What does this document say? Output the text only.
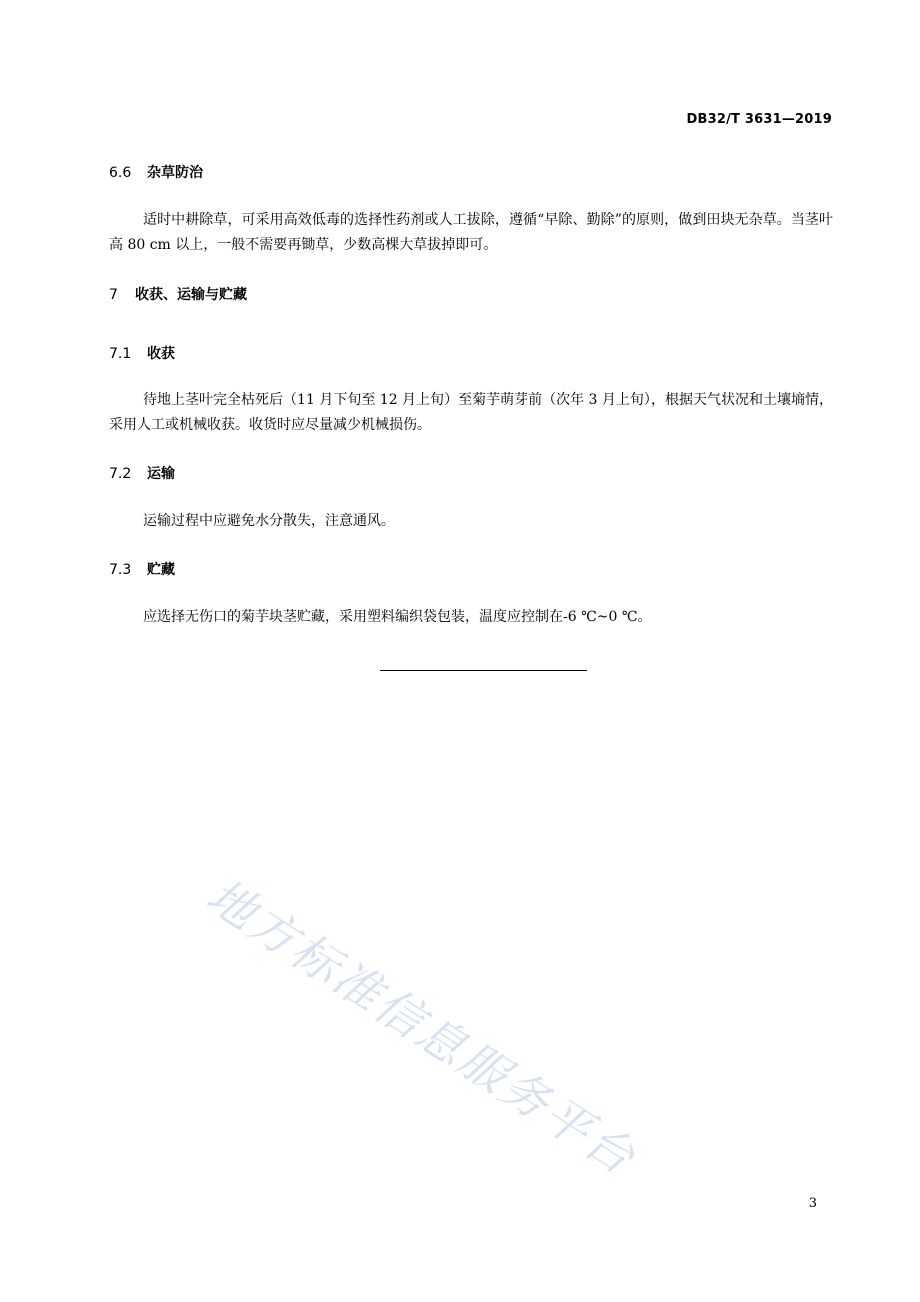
DB32/T 3631—2019
6.6 杂草防治
适时中耕除草，可采用高效低毒的选择性药剂或人工拔除，遵循“早除、勤除”的原则，做到田块无杂草。当茎叶高 80 cm 以上，一般不需要再锄草，少数高棵大草拔掉即可。
7 收获、运输与贮藏
7.1 收获
待地上茎叶完全枯死后（11 月下旬至 12 月上旬）至菊芋萌芽前（次年 3 月上旬），根据天气状况和土壤墒情，采用人工或机械收获。收货时应尽量减少机械损伤。
7.2 运输
运输过程中应避免水分散失，注意通风。
7.3 贮藏
应选择无伤口的菊芋块茎贮藏，采用塑料编织袋包装，温度应控制在-6 ℃~0 ℃。
地方标准信息服务平台
3
